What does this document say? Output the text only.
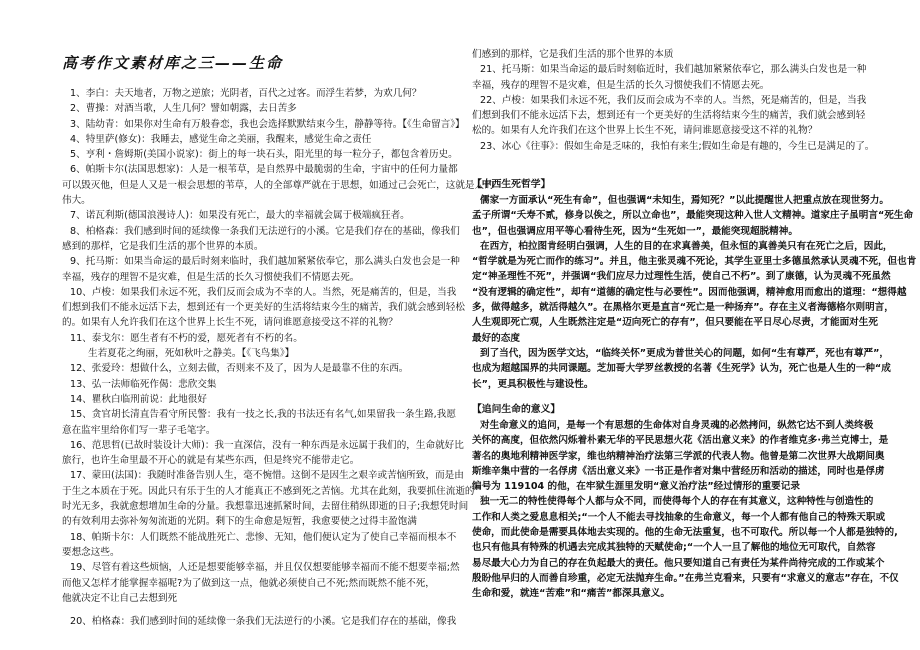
高考作文素材库之三——生命
1、李白：夫天地者，万物之逆旅；光阴者，百代之过客。而浮生若梦，为欢几何？
2、曹操：对酒当歌，人生几何？譬如朝露，去日苦多
3、陆幼青：如果你对生命有万般眷恋，我也会选择默默结束今生，静静等待。【《生命留言》】
4、特里萨(修女)：我睡去，感觉生命之美丽，我醒来，感觉生命之责任
5、亨利・詹姆斯(美国小说家)：街上的每一块石头，阳光里的每一粒分子，都包含着历史。
6、帕斯卡尔(法国思想家)：人是一根苇草，是自然界中最脆弱的生命，宇宙中的任何力量都
可以毁灭他，但是人又是一根会思想的苇草，人的全部尊严就在于思想，如通过己会死亡，这就是人的
伟大。
7、诺瓦利斯(德国浪漫诗人)：如果没有死亡，最大的幸福就会属于极端疯狂者。
8、柏格森：我们感到时间的延续像一条我们无法逆行的小溪。它是我们存在的基础，像我们
感到的那样，它是我们生活的那个世界的本质。
9、托马斯：如果当命运的最后时刻来临时，我们越加紧紧依奉它，那么满头白发也会是一种
幸福，残存的理智不是灾难，但是生活的长久习惯使我们不情愿去死。
10、卢梭：如果我们永远不死，我们反而会成为不幸的人。当然，死是痛苦的，但是，当我
们想到我们不能永远活下去，想到还有一个更美好的生活将结束今生的痛苦，我们就会感到轻松
的。如果有人允许我们在这个世界上长生不死，请问谁愿意接受这不祥的礼物？
11、泰戈尔：愿生者有不朽的爱，愿死者有不朽的名。
生若夏花之绚丽，死如秋叶之静美。【《飞鸟集》】
12、张爱玲：想做什么，立刻去做，否则来不及了，因为人是最靠不住的东西。
13、弘一法师临死作偈：悲欣交集
14、瞿秋白临刑前说：此地很好
15、贪官胡长清直告看守所民警：我有一技之长,我的书法还有名气,如果留我一条生路,我愿
意在监牢里给你们写一辈子毛笔字。
16、范思哲(已故时装设计大师)：我一直深信，没有一种东西是永远属于我们的，生命就好比
旅行，也许生命里最不开心的就是有某些东西，但是终究不能带走它。
17、蒙田(法国)：我随时准备告别人生，毫不惋惜。这倒不是因生之艰辛或苦恼所致，而是由
于生之本质在于死。因此只有乐于生的人才能真正不感到死之苦恼。尤其在此刻，我要抓住流逝的
时光无多，我就愈想增加生命的分量。我想靠迅速抓紧时间，去留住稍纵即逝的日子;我想凭时间
的有效利用去弥补匆匆流逝的光阴。剩下的生命愈是短暂，我愈要使之过得丰盈饱满
18、帕斯卡尔：人们既然不能战胜死亡、悲惨、无知，他们便认定为了使自己幸福而根本不
要想念这些。
19、尽管有着这些烦恼，人还是想要能够幸福，并且仅仅想要能够幸福而不能不想要幸福;然
而他又怎样才能掌握幸福呢?为了做到这一点，他就必须使自己不死;然而既然不能不死，
他就决定不让自己去想到死
20、柏格森：我们感到时间的延续像一条我们无法逆行的小溪。它是我们存在的基础，像我
们感到的那样，它是我们生活的那个世界的本质
21、托马斯：如果当命运的最后时刻临近时，我们越加紧紧依奉它，那么满头白发也是一种
幸福，残存的理智不是灾难，但是生活的长久习惯使我们不情愿去死。
22、卢梭：如果我们永远不死，我们反而会成为不幸的人。当然，死是痛苦的，但是，当我
们想到我们不能永远活下去，想到还有一个更美好的生活将结束今生的痛苦，我们就会感到轻
松的。如果有人允许我们在这个世界上长生不死，请问谁愿意接受这不祥的礼物？
23、冰心《往事》：假如生命是乏味的，我怕有来生;假如生命是有趣的，今生已是满足的了。
【中西生死哲学】
儒家一方面承认“死生有命”，但也强调“未知生，焉知死？”以此提醒世人把重点放在现世努力。
孟子所谓“夭寿不贰，修身以俟之，所以立命也”，最能突现这种入世人文精神。道家庄子虽明言“死生命
也”，但也强调应用平等心看待生死，因为“生死如一”，最能突现超脱精神。
在西方，柏拉图肯经明白强调，人生的目的在求真善美，但永恒的真善美只有在死亡之后，因此，
“哲学就是为死亡而作的练习”。并且，他主张灵魂不死论，其学生亚里士多德虽然承认灵魂不死，但也肯
定“神圣理性不死”，并强调“我们应尽力过理性生活，使自己不朽”。到了康德，认为灵魂不死虽然
“没有逻辑的确定性”，却有“道德的确定性与必要性”。因而他强调，精神愈用而愈出的道理：“想得越
多，做得越多，就活得越久”。在黑格尔更是直言“死亡是一种扬弃”。存在主义者海德格尔则明言，
人生观即死亡观，人生既然注定是“迈向死亡的存有”，但只要能在平日尽心尽责，才能面对生死
最好的态度
到了当代，因为医学文达，“临终关怀”更成为普世关心的问题，如何“生有尊严，死也有尊严”，
也成为超越国界的共同课题。芝加哥大学罗丝教授的名著《生死学》认为，死亡也是人生的一种“成
长”，更具积极性与建设性。
【追问生命的意义】
对生命意义的追问，是每一个有思想的生命体对自身灵魂的必然拷问，纵然它达不到人类终极
关怀的高度，但依然闪烁着朴素无华的平民思想火花《活出意义来》的作者维克多·弗兰克博士，是
著名的奥地利精神医学家，维也纳精神治疗法第三学派的代表人物。他曾是第二次世界大战期间奥
斯维辛集中营的一名俘虏《活出意义来》一书正是作者对集中营经历和活动的描述，同时也是俘虏
编号为 119104 的他，在牢狱生涯里发明“意义治疗法”经过情形的重要记录
独一无二的特性使得每个人都与众不同，而使得每个人的存在有其意义，这种特性与创造性的
工作和人类之爱息息相关;“一个人不能去寻找抽象的生命意义，每一个人都有他自己的特殊天职或
使命，而此使命是需要具体地去实现的。他的生命无法重复，也不可取代。所以每一个人都是独特的,
也只有他具有特殊的机遇去完成其独特的天赋使命;“一个人一旦了解他的地位无可取代，自然容
易尽最大心力为自己的存在负起最大的责任。他只要知道自己有责任为某件尚待完成的工作或某个
殷盼他早归的人而善自珍重，必定无法抛弃生命。”在弗兰克看来，只要有“求意义的意志”存在，不仅
生命和爱，就连“苦难”和“痛苦”都深具意义。
